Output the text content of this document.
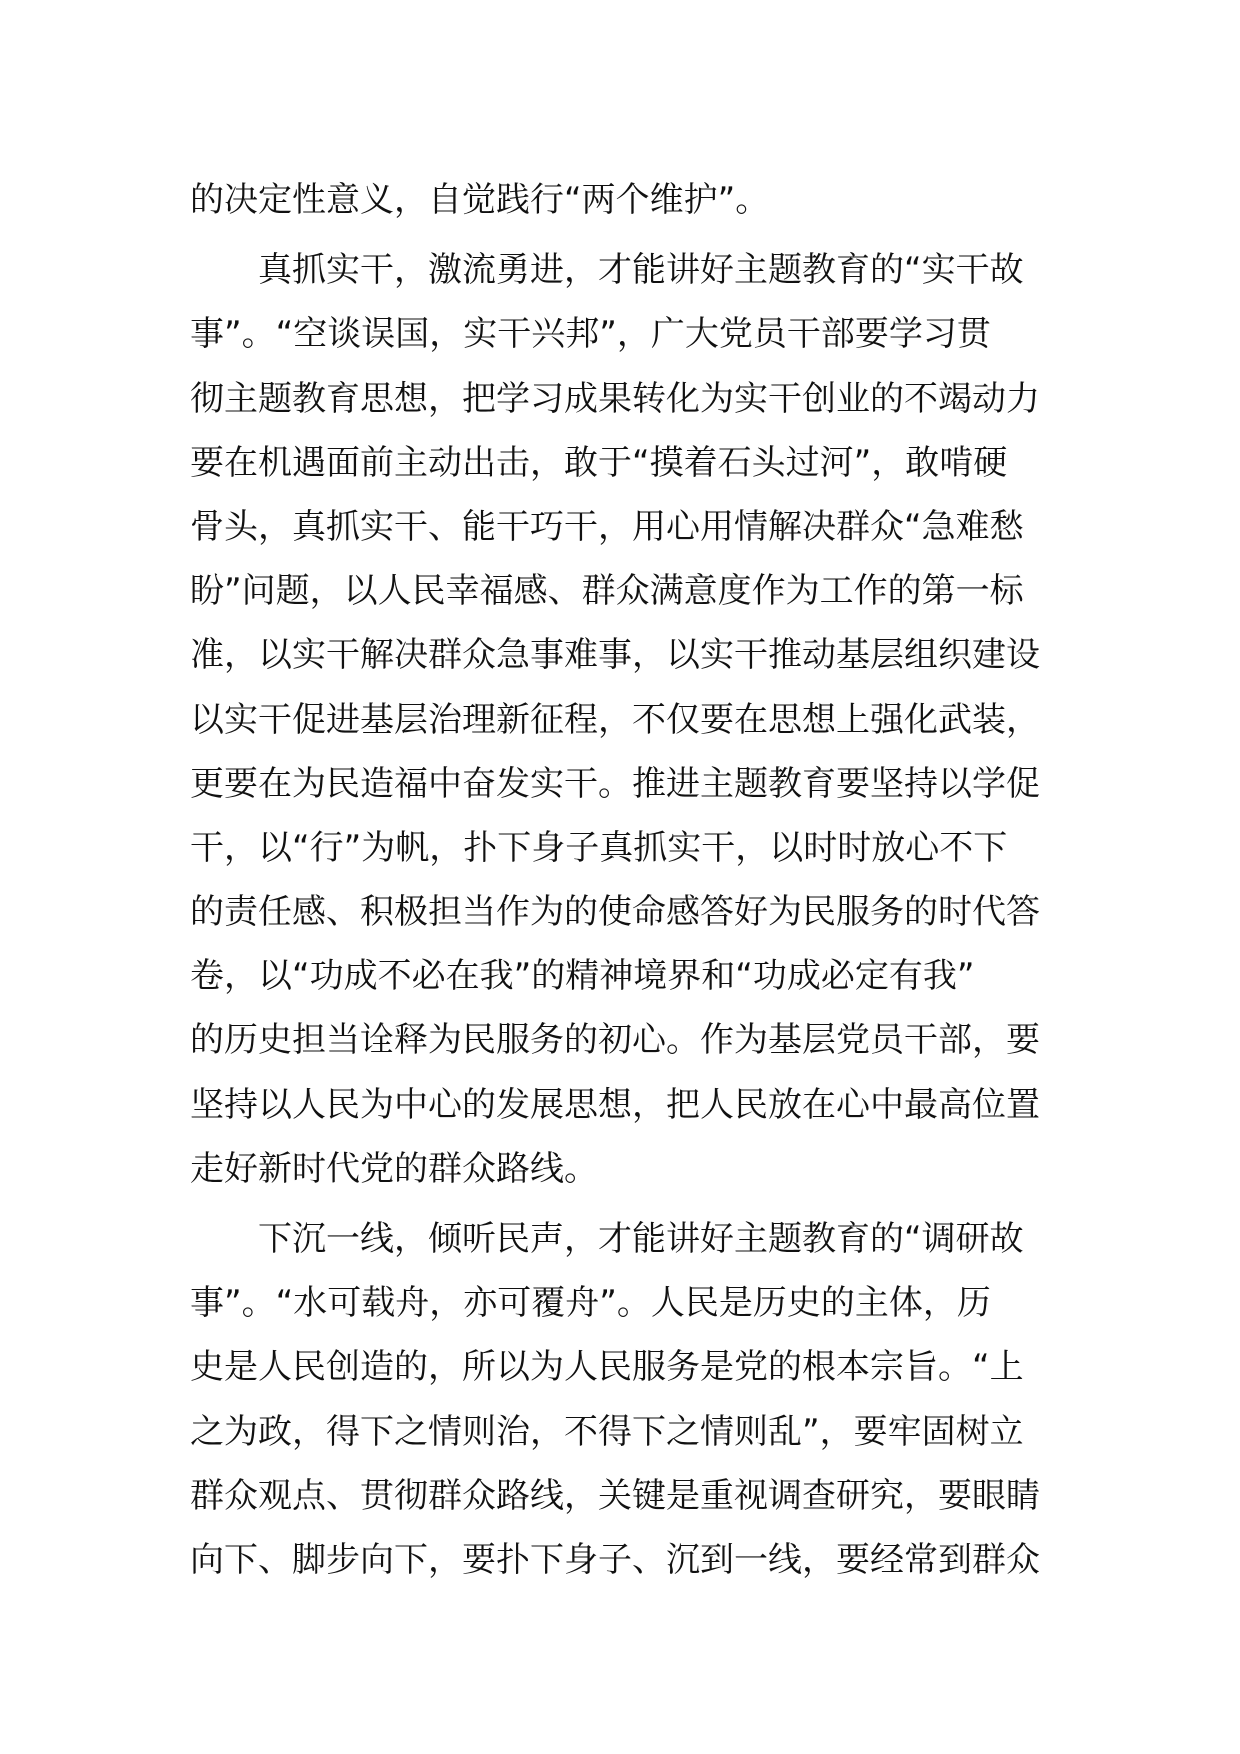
的决定性意义，自觉践行“两个维护”。
真抓实干，激流勇进，才能讲好主题教育的“实干故
事”。“空谈误国，实干兴邦”，广大党员干部要学习贯
彻主题教育思想，把学习成果转化为实干创业的不竭动力
要在机遇面前主动出击，敢于“摸着石头过河”，敢啃硬
骨头，真抓实干、能干巧干，用心用情解决群众“急难愁
盼”问题，以人民幸福感、群众满意度作为工作的第一标
准，以实干解决群众急事难事，以实干推动基层组织建设
以实干促进基层治理新征程，不仅要在思想上强化武装，
更要在为民造福中奋发实干。推进主题教育要坚持以学促
干，以“行”为帆，扑下身子真抓实干，以时时放心不下
的责任感、积极担当作为的使命感答好为民服务的时代答
卷，以“功成不必在我”的精神境界和“功成必定有我”
的历史担当诠释为民服务的初心。作为基层党员干部，要
坚持以人民为中心的发展思想，把人民放在心中最高位置
走好新时代党的群众路线。
下沉一线，倾听民声，才能讲好主题教育的“调研故
事”。“水可载舟，亦可覆舟”。人民是历史的主体，历
史是人民创造的，所以为人民服务是党的根本宗旨。“上
之为政，得下之情则治，不得下之情则乱”，要牢固树立
群众观点、贯彻群众路线，关键是重视调查研究，要眼睛
向下、脚步向下，要扑下身子、沉到一线，要经常到群众
